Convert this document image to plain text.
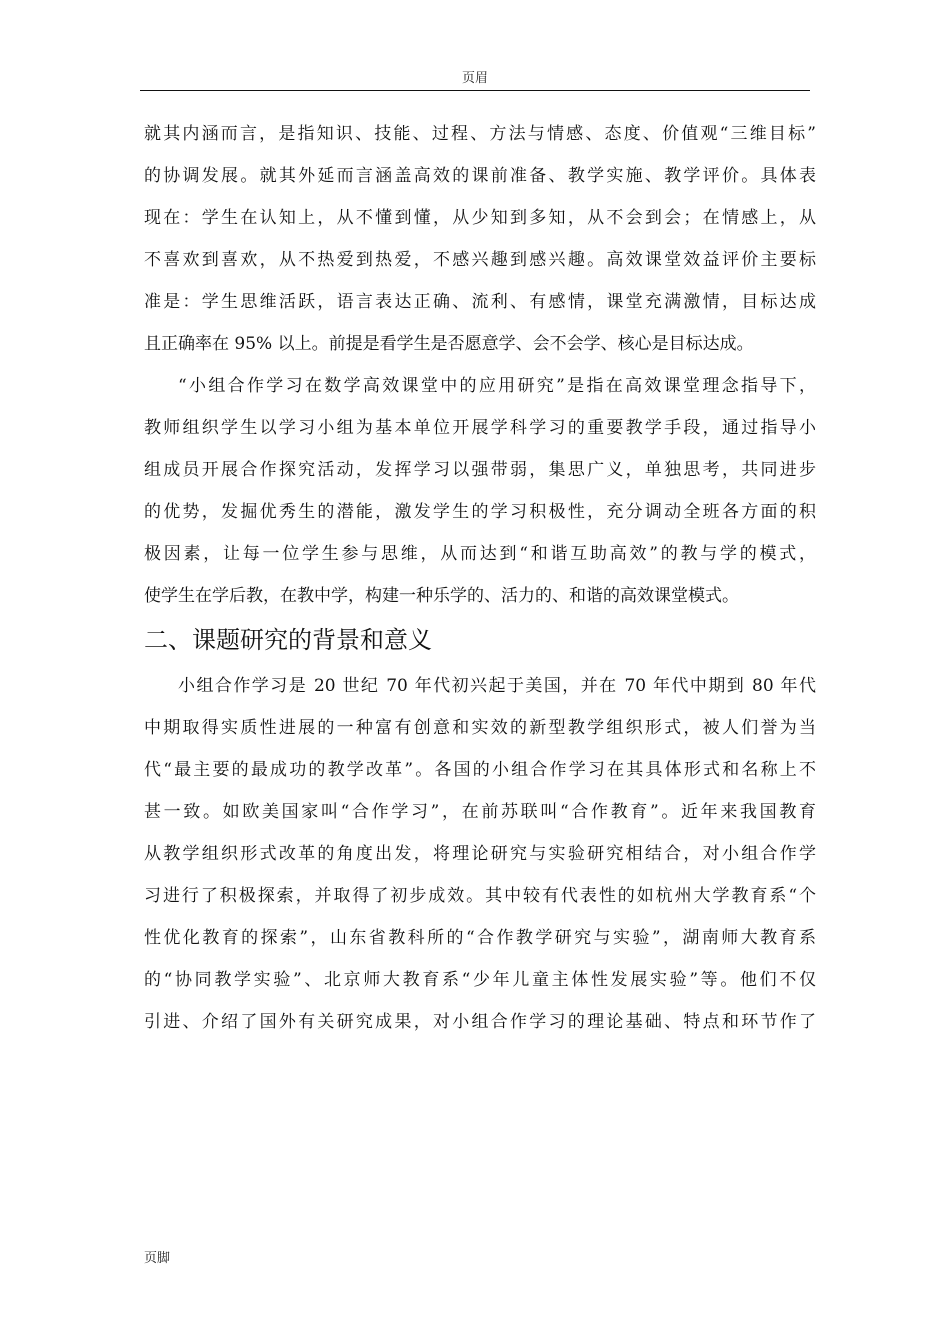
页眉
就其内涵而言，是指知识、技能、过程、方法与情感、态度、价值观“三维目标”
的协调发展。就其外延而言涵盖高效的课前准备、教学实施、教学评价。具体表
现在：学生在认知上，从不懂到懂，从少知到多知，从不会到会；在情感上，从
不喜欢到喜欢，从不热爱到热爱，不感兴趣到感兴趣。高效课堂效益评价主要标
准是：学生思维活跃，语言表达正确、流利、有感情，课堂充满激情，目标达成
且正确率在 95% 以上。前提是看学生是否愿意学、会不会学、核心是目标达成。
“小组合作学习在数学高效课堂中的应用研究”是指在高效课堂理念指导下，
教师组织学生以学习小组为基本单位开展学科学习的重要教学手段，通过指导小
组成员开展合作探究活动，发挥学习以强带弱，集思广义，单独思考，共同进步
的优势，发掘优秀生的潜能，激发学生的学习积极性，充分调动全班各方面的积
极因素，让每一位学生参与思维，从而达到“和谐互助高效”的教与学的模式，
使学生在学后教，在教中学，构建一种乐学的、活力的、和谐的高效课堂模式。
二、课题研究的背景和意义
小组合作学习是 20 世纪 70 年代初兴起于美国，并在 70 年代中期到 80 年代
中期取得实质性进展的一种富有创意和实效的新型教学组织形式，被人们誉为当
代“最主要的最成功的教学改革”。各国的小组合作学习在其具体形式和名称上不
甚一致。如欧美国家叫“合作学习”，在前苏联叫“合作教育”。近年来我国教育
从教学组织形式改革的角度出发，将理论研究与实验研究相结合，对小组合作学
习进行了积极探索，并取得了初步成效。其中较有代表性的如杭州大学教育系“个
性优化教育的探索”，山东省教科所的“合作教学研究与实验”，湖南师大教育系
的“协同教学实验”、北京师大教育系“少年儿童主体性发展实验”等。他们不仅
引进、介绍了国外有关研究成果，对小组合作学习的理论基础、特点和环节作了
页脚
